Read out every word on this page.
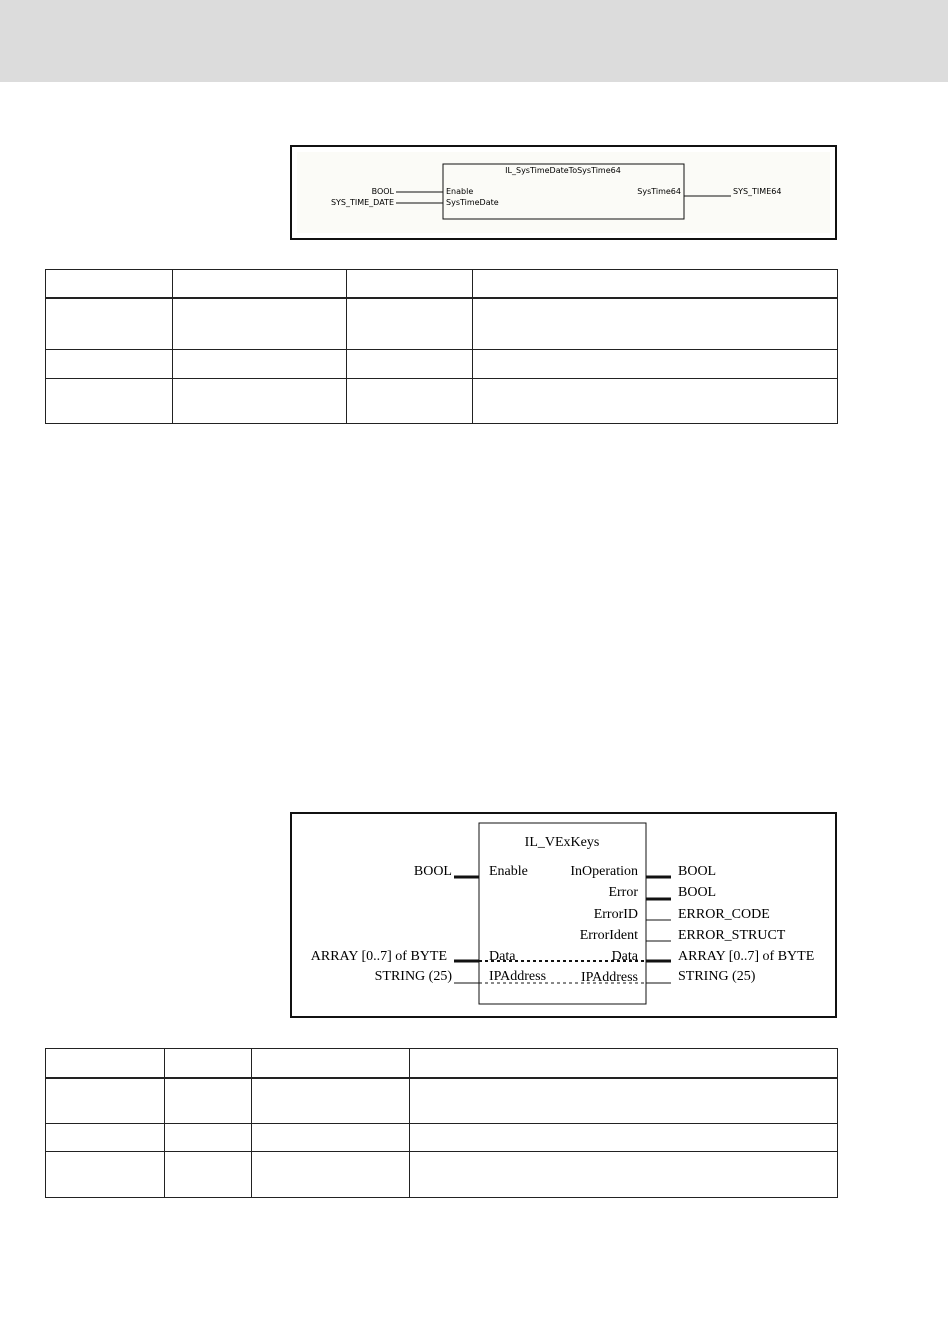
IL_SysTimeDateToSysTime64
BOOL
SYS_TIME_DATE
Enable
SysTimeDate
SysTime64	SYS_TIME64

IL_VExKeys
BOOL
ARRAY [0..7] of BYTE
STRING (25)
Enable
Data
IPAddress
InOperation
Error
ErrorID
ErrorIdent
Data
IPAddress
BOOL
BOOL
ERROR_CODE
ERROR_STRUCT
ARRAY [0..7] of BYTE
STRING (25)
